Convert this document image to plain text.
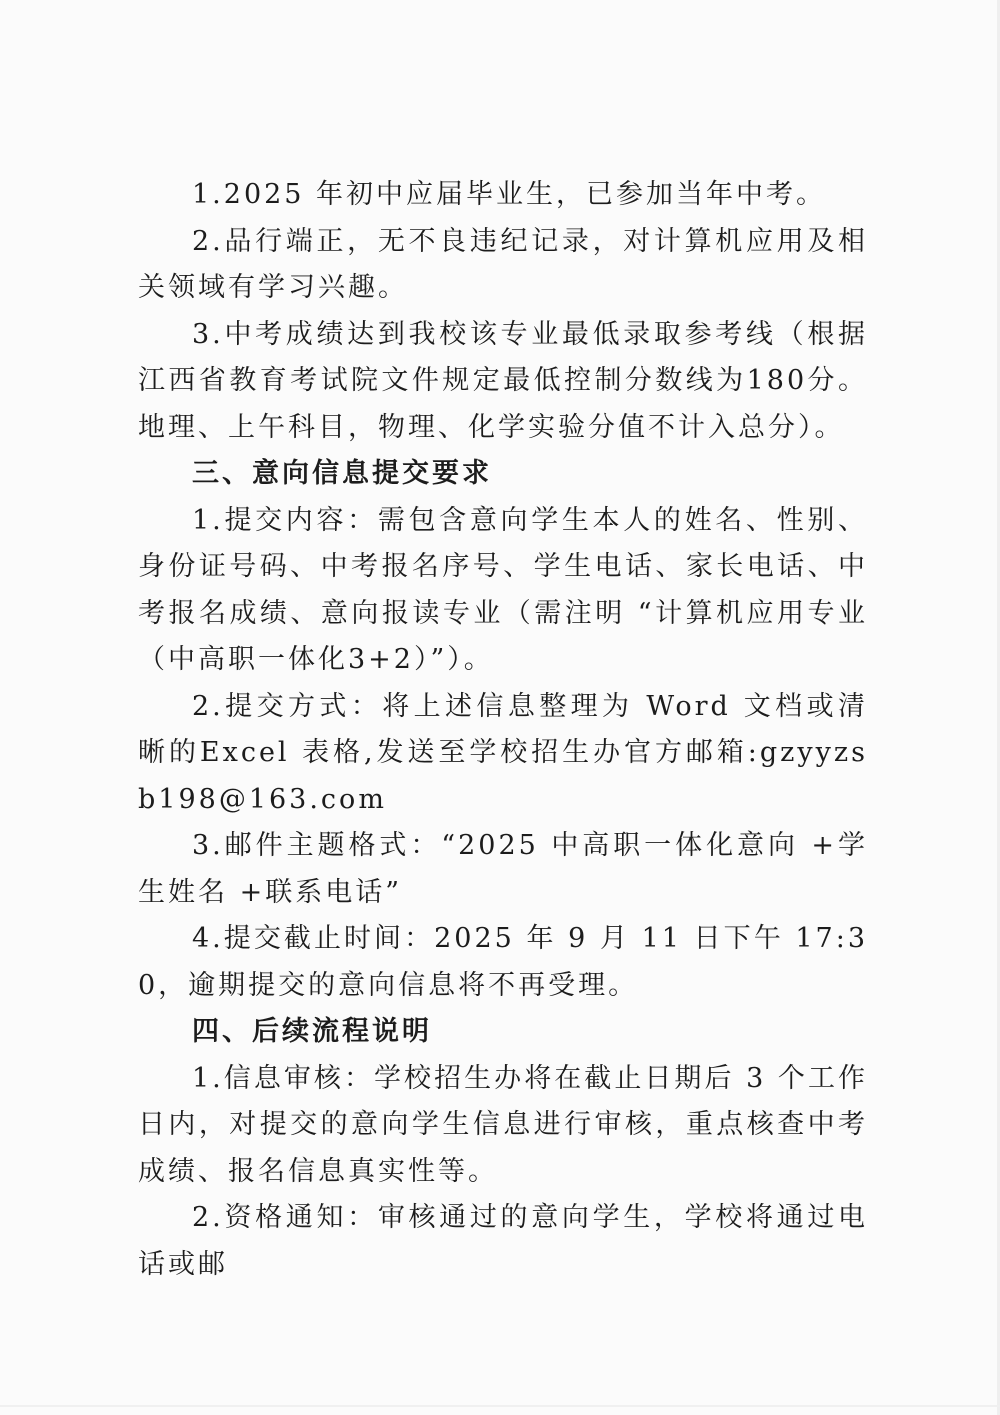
1.2025 年初中应届毕业生，已参加当年中考。

2.品行端正，无不良违纪记录，对计算机应用及相关领域有学习兴趣。

3.中考成绩达到我校该专业最低录取参考线（根据江西省教育考试院文件规定最低控制分数线为180分。地理、上午科目，物理、化学实验分值不计入总分）。

三、意向信息提交要求

1.提交内容：需包含意向学生本人的姓名、性别、身份证号码、中考报名序号、学生电话、家长电话、中考报名成绩、意向报读专业（需注明 “计算机应用专业（中高职一体化3+2）”）。

2.提交方式：将上述信息整理为 Word 文档或清晰的Excel 表格,发送至学校招生办官方邮箱:gzyyzsb198@163.com

3.邮件主题格式：“2025 中高职一体化意向 +学生姓名 +联系电话”

4.提交截止时间：2025 年 9 月 11 日下午 17:30，逾期提交的意向信息将不再受理。

四、后续流程说明

1.信息审核：学校招生办将在截止日期后 3 个工作日内，对提交的意向学生信息进行审核，重点核查中考成绩、报名信息真实性等。

2.资格通知：审核通过的意向学生，学校将通过电话或邮
